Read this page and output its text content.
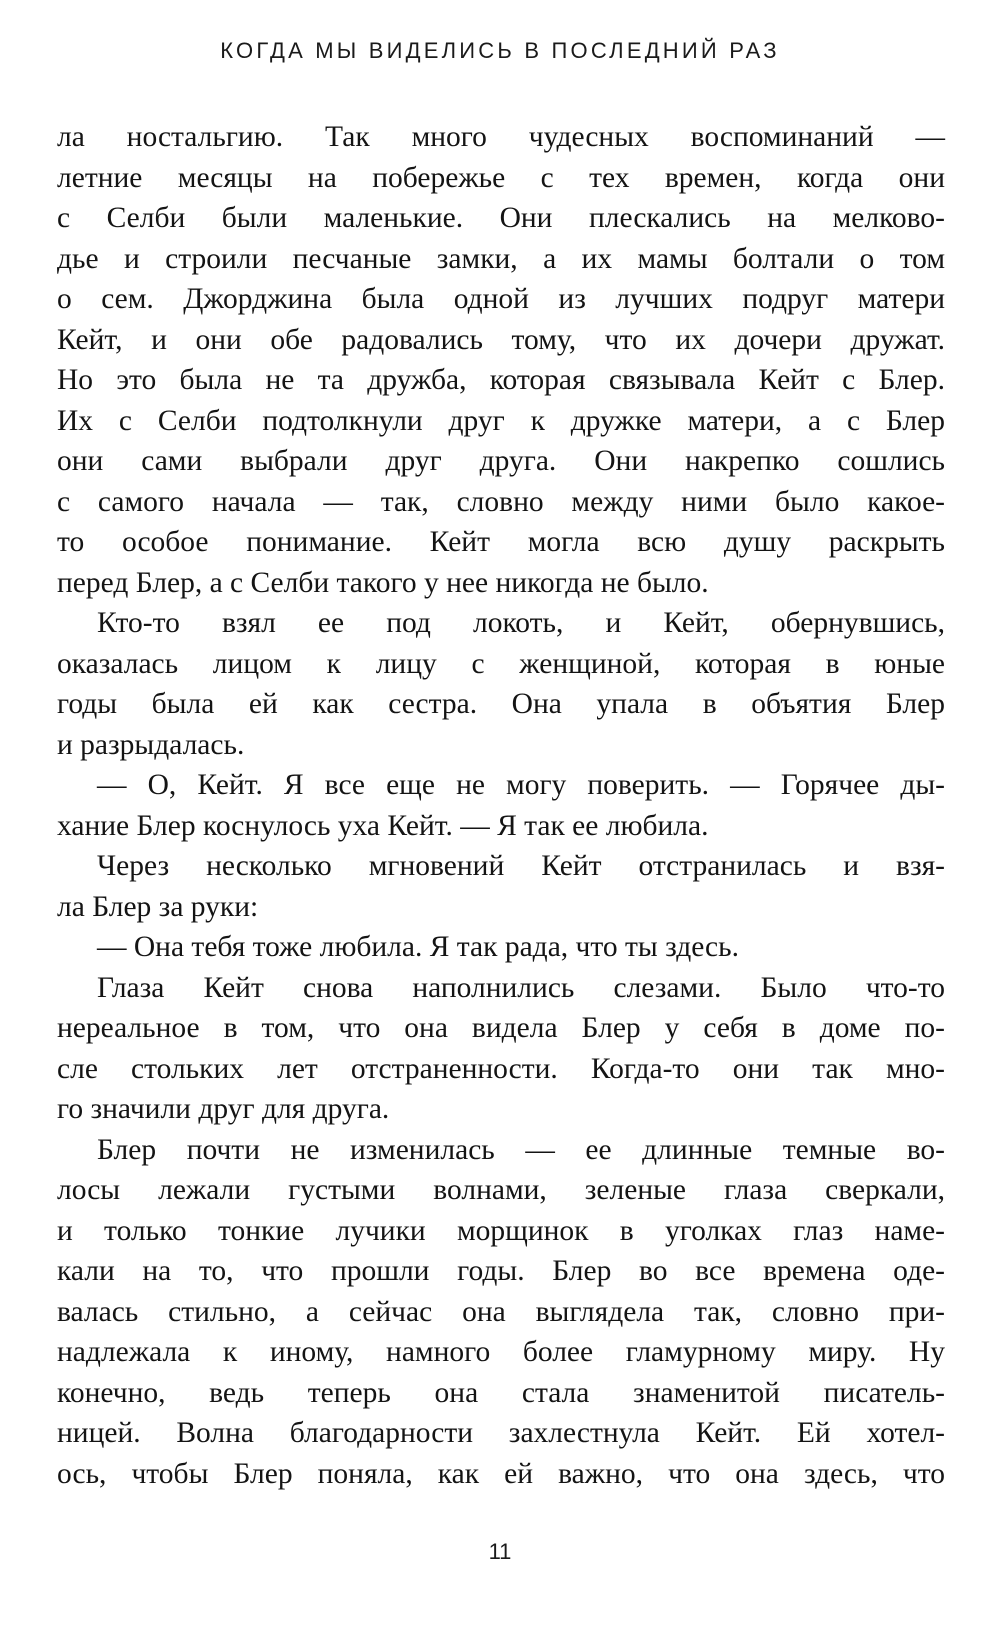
КОГДА МЫ ВИДЕЛИСЬ В ПОСЛЕДНИЙ РАЗ
ла ностальгию. Так много чудесных воспоминаний —
летние месяцы на побережье с тех времен, когда они
с Селби были маленькие. Они плескались на мелково-
дье и строили песчаные замки, а их мамы болтали о том
о сем. Джорджина была одной из лучших подруг матери
Кейт, и они обе радовались тому, что их дочери дружат.
Но это была не та дружба, которая связывала Кейт с Блер.
Их с Селби подтолкнули друг к дружке матери, а с Блер
они сами выбрали друг друга. Они накрепко сошлись
с самого начала — так, словно между ними было какое-
то особое понимание. Кейт могла всю душу раскрыть
перед Блер, а с Селби такого у нее никогда не было.
Кто-то взял ее под локоть, и Кейт, обернувшись,
оказалась лицом к лицу с женщиной, которая в юные
годы была ей как сестра. Она упала в объятия Блер
и разрыдалась.
— О, Кейт. Я все еще не могу поверить. — Горячее ды-
хание Блер коснулось уха Кейт. — Я так ее любила.
Через несколько мгновений Кейт отстранилась и взя-
ла Блер за руки:
— Она тебя тоже любила. Я так рада, что ты здесь.
Глаза Кейт снова наполнились слезами. Было что-то
нереальное в том, что она видела Блер у себя в доме по-
сле стольких лет отстраненности. Когда-то они так мно-
го значили друг для друга.
Блер почти не изменилась — ее длинные темные во-
лосы лежали густыми волнами, зеленые глаза сверкали,
и только тонкие лучики морщинок в уголках глаз наме-
кали на то, что прошли годы. Блер во все времена оде-
валась стильно, а сейчас она выглядела так, словно при-
надлежала к иному, намного более гламурному миру. Ну
конечно, ведь теперь она стала знаменитой писатель-
ницей. Волна благодарности захлестнула Кейт. Ей хотел-
ось, чтобы Блер поняла, как ей важно, что она здесь, что
11
